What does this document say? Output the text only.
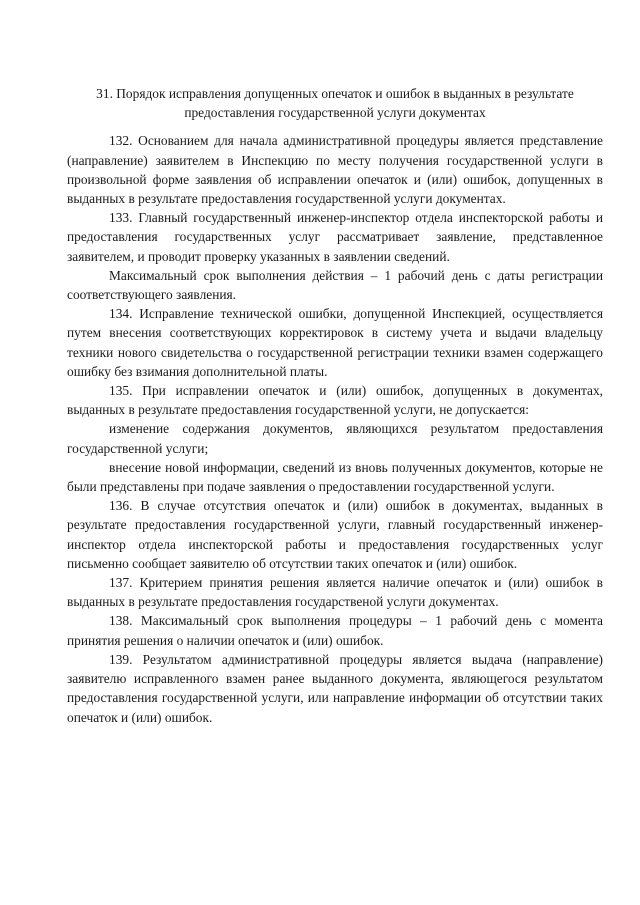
31. Порядок исправления допущенных опечаток и ошибок в выданных в результате предоставления государственной услуги документах

132. Основанием для начала административной процедуры является представление (направление) заявителем в Инспекцию по месту получения государственной услуги в произвольной форме заявления об исправлении опечаток и (или) ошибок, допущенных в выданных в результате предоставления государственной услуги документах.

133. Главный государственный инженер-инспектор отдела инспекторской работы и предоставления государственных услуг рассматривает заявление, представленное заявителем, и проводит проверку указанных в заявлении сведений.

Максимальный срок выполнения действия – 1 рабочий день с даты регистрации соответствующего заявления.

134. Исправление технической ошибки, допущенной Инспекцией, осуществляется путем внесения соответствующих корректировок в систему учета и выдачи владельцу техники нового свидетельства о государственной регистрации техники взамен содержащего ошибку без взимания дополнительной платы.

135. При исправлении опечаток и (или) ошибок, допущенных в документах, выданных в результате предоставления государственной услуги, не допускается:

изменение содержания документов, являющихся результатом предоставления государственной услуги;

внесение новой информации, сведений из вновь полученных документов, которые не были представлены при подаче заявления о предоставлении государственной услуги.

136. В случае отсутствия опечаток и (или) ошибок в документах, выданных в результате предоставления государственной услуги, главный государственный инженер-инспектор отдела инспекторской работы и предоставления государственных услуг письменно сообщает заявителю об отсутствии таких опечаток и (или) ошибок.

137. Критерием принятия решения является наличие опечаток и (или) ошибок в выданных в результате предоставления государственой услуги документах.

138. Максимальный срок выполнения процедуры – 1 рабочий день с момента принятия решения о наличии опечаток и (или) ошибок.

139. Результатом административной процедуры является выдача (направление) заявителю исправленного взамен ранее выданного документа, являющегося результатом предоставления государственной услуги, или направление информации об отсутствии таких опечаток и (или) ошибок.
